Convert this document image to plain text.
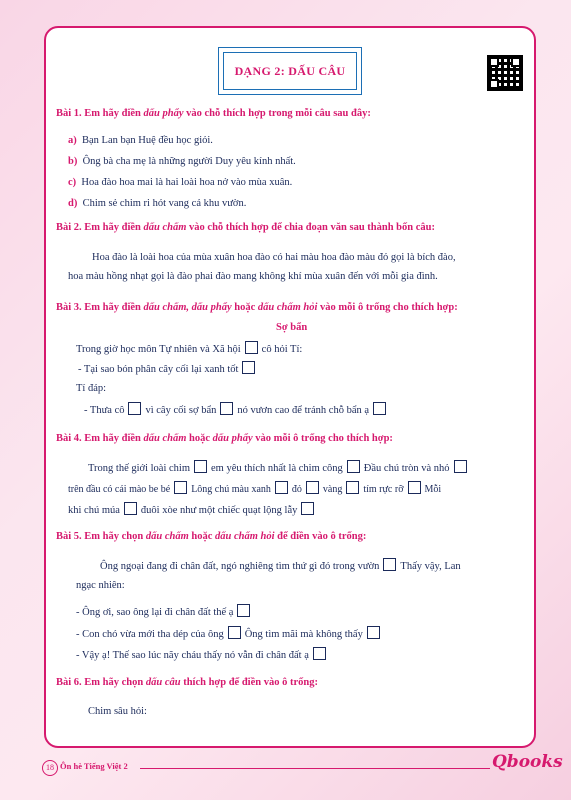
DẠNG 2: DẤU CÂU
Bài 1. Em hãy điền dấu phẩy vào chỗ thích hợp trong mỗi câu sau đây:
a) Bạn Lan bạn Huệ đều học giỏi.
b) Ông bà cha mẹ là những người Duy yêu kính nhất.
c) Hoa đào hoa mai là hai loài hoa nở vào mùa xuân.
d) Chim sẻ chim ri hót vang cả khu vườn.
Bài 2. Em hãy điền dấu chấm vào chỗ thích hợp để chia đoạn văn sau thành bốn câu:
Hoa đào là loài hoa của mùa xuân hoa đào có hai màu hoa đào màu đỏ gọi là bích đào,
hoa màu hồng nhạt gọi là đào phai đào mang không khí mùa xuân đến với mỗi gia đình.
Bài 3. Em hãy điền dấu chấm, dấu phẩy hoặc dấu chấm hỏi vào mỗi ô trống cho thích hợp:
Sợ bẩn
Trong giờ học môn Tự nhiên và Xã hội cô hỏi Tí:
- Tại sao bón phân cây cối lại xanh tốt
Tí đáp:
- Thưa cô vì cây cối sợ bẩn nó vươn cao để tránh chỗ bẩn ạ
Bài 4. Em hãy điền dấu chấm hoặc dấu phẩy vào mỗi ô trống cho thích hợp:
Trong thế giới loài chim em yêu thích nhất là chim công Đầu chú tròn và nhỏ
trên đầu có cái mào be bé Lông chú màu xanh đỏ vàng tím rực rỡ Mỗi
khi chú múa đuôi xòe như một chiếc quạt lộng lẫy
Bài 5. Em hãy chọn dấu chấm hoặc dấu chấm hỏi để điền vào ô trống:
Ông ngoại đang đi chân đất, ngó nghiêng tìm thứ gì đó trong vườn Thấy vậy, Lan
ngạc nhiên:
- Ông ơi, sao ông lại đi chân đất thế ạ
- Con chó vừa mới tha dép của ông Ông tìm mãi mà không thấy
- Vậy ạ! Thế sao lúc nãy cháu thấy nó vẫn đi chân đất ạ
Bài 6. Em hãy chọn dấu câu thích hợp để điền vào ô trống:
Chim sâu hỏi:
18 Ôn hè Tiếng Việt 2	Qbooks
